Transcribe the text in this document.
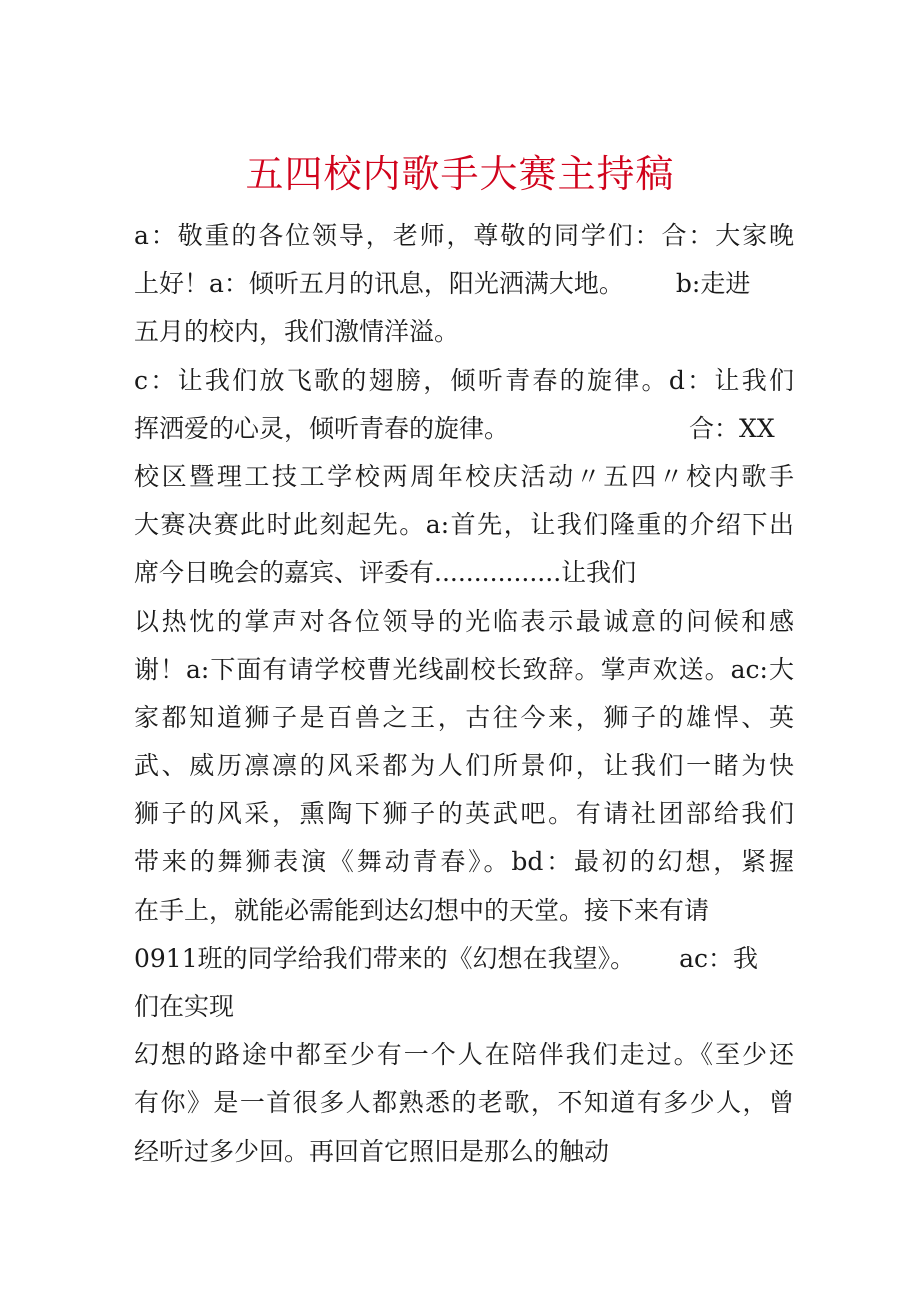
五四校内歌手大赛主持稿
a：敬重的各位领导，老师，尊敬的同学们：合：大家晚
上好！a：倾听五月的讯息，阳光洒满大地。 b:走进
五月的校内，我们激情洋溢。
c：让我们放飞歌的翅膀，倾听青春的旋律。d：让我们
挥洒爱的心灵，倾听青春的旋律。	合：XX
校区暨理工技工学校两周年校庆活动〃五四〃校内歌手
大赛决赛此时此刻起先。a:首先，让我们隆重的介绍下出
席今日晚会的嘉宾、评委有................让我们
以热忱的掌声对各位领导的光临表示最诚意的问候和感
谢！a:下面有请学校曹光线副校长致辞。掌声欢送。ac:大
家都知道狮子是百兽之王，古往今来，狮子的雄悍、英
武、威历凛凛的风采都为人们所景仰，让我们一睹为快
狮子的风采，熏陶下狮子的英武吧。有请社团部给我们
带来的舞狮表演《舞动青春》。bd：最初的幻想，紧握
在手上，就能必需能到达幻想中的天堂。接下来有请
0911班的同学给我们带来的《幻想在我望》。 ac：我
们在实现
幻想的路途中都至少有一个人在陪伴我们走过。《至少还
有你》是一首很多人都熟悉的老歌，不知道有多少人，曾
经听过多少回。再回首它照旧是那么的触动
